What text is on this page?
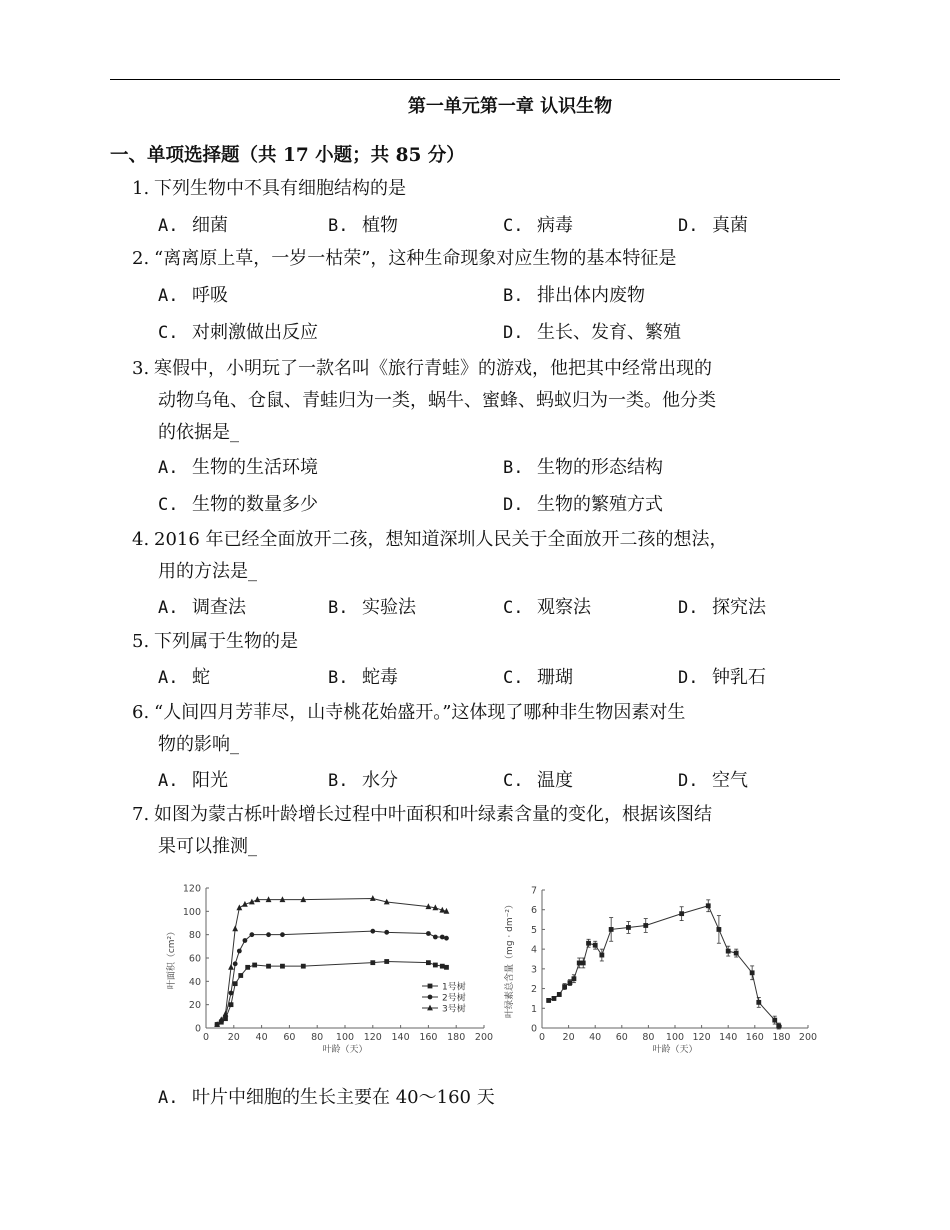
第一单元第一章 认识生物
一、单项选择题（共 17 小题；共 85 分）
1. 下列生物中不具有细胞结构的是
A. 细菌	B. 植物	C. 病毒	D. 真菌
2. “离离原上草，一岁一枯荣”，这种生命现象对应生物的基本特征是
A. 呼吸	B. 排出体内废物
C. 对刺激做出反应	D. 生长、发育、繁殖
3. 寒假中，小明玩了一款名叫《旅行青蛙》的游戏，他把其中经常出现的
动物乌龟、仓鼠、青蛙归为一类，蜗牛、蜜蜂、蚂蚁归为一类。他分类
的依据是_
A. 生物的生活环境	B. 生物的形态结构
C. 生物的数量多少	D. 生物的繁殖方式
4. 2016 年已经全面放开二孩，想知道深圳人民关于全面放开二孩的想法，
用的方法是_
A. 调查法	B. 实验法	C. 观察法	D. 探究法
5. 下列属于生物的是
A. 蛇	B. 蛇毒	C. 珊瑚	D. 钟乳石
6. “人间四月芳菲尽，山寺桃花始盛开。”这体现了哪种非生物因素对生
物的影响_
A. 阳光	B. 水分	C. 温度	D. 空气
7. 如图为蒙古栎叶龄增长过程中叶面积和叶绿素含量的变化，根据该图结
果可以推测_
0 20 40 60 80 100 120 140 160 180 200
0
20
40
60
80
100
120
叶龄（天）
叶面积（cm²）	1号树
2号树
3号树
0 20 40 60 80 100 120 140 160 180 200
0
1
2
3
4
5
6
7
叶龄（天）
叶绿素总含量（mg · dm⁻²）
A. 叶片中细胞的生长主要在 40～160 天
